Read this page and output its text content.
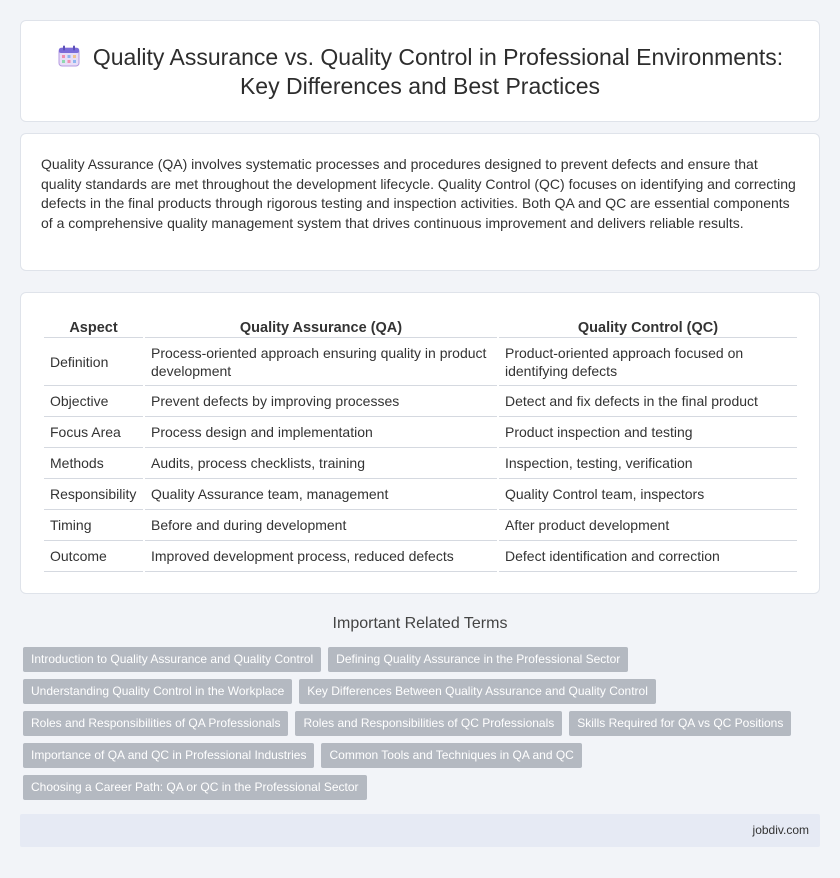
Quality Assurance vs. Quality Control in Professional Environments: Key Differences and Best Practices

Quality Assurance (QA) involves systematic processes and procedures designed to prevent defects and ensure that quality standards are met throughout the development lifecycle. Quality Control (QC) focuses on identifying and correcting defects in the final products through rigorous testing and inspection activities. Both QA and QC are essential components of a comprehensive quality management system that drives continuous improvement and delivers reliable results.

Aspect	Quality Assurance (QA)	Quality Control (QC)
Definition	Process-oriented approach ensuring quality in product development	Product-oriented approach focused on identifying defects
Objective	Prevent defects by improving processes	Detect and fix defects in the final product
Focus Area	Process design and implementation	Product inspection and testing
Methods	Audits, process checklists, training	Inspection, testing, verification
Responsibility	Quality Assurance team, management	Quality Control team, inspectors
Timing	Before and during development	After product development
Outcome	Improved development process, reduced defects	Defect identification and correction
Important Related Terms
Introduction to Quality Assurance and Quality Control	Defining Quality Assurance in the Professional Sector
Understanding Quality Control in the Workplace	Key Differences Between Quality Assurance and Quality Control
Roles and Responsibilities of QA Professionals	Roles and Responsibilities of QC Professionals	Skills Required for QA vs QC Positions
Importance of QA and QC in Professional Industries	Common Tools and Techniques in QA and QC
Choosing a Career Path: QA or QC in the Professional Sector
jobdiv.com
